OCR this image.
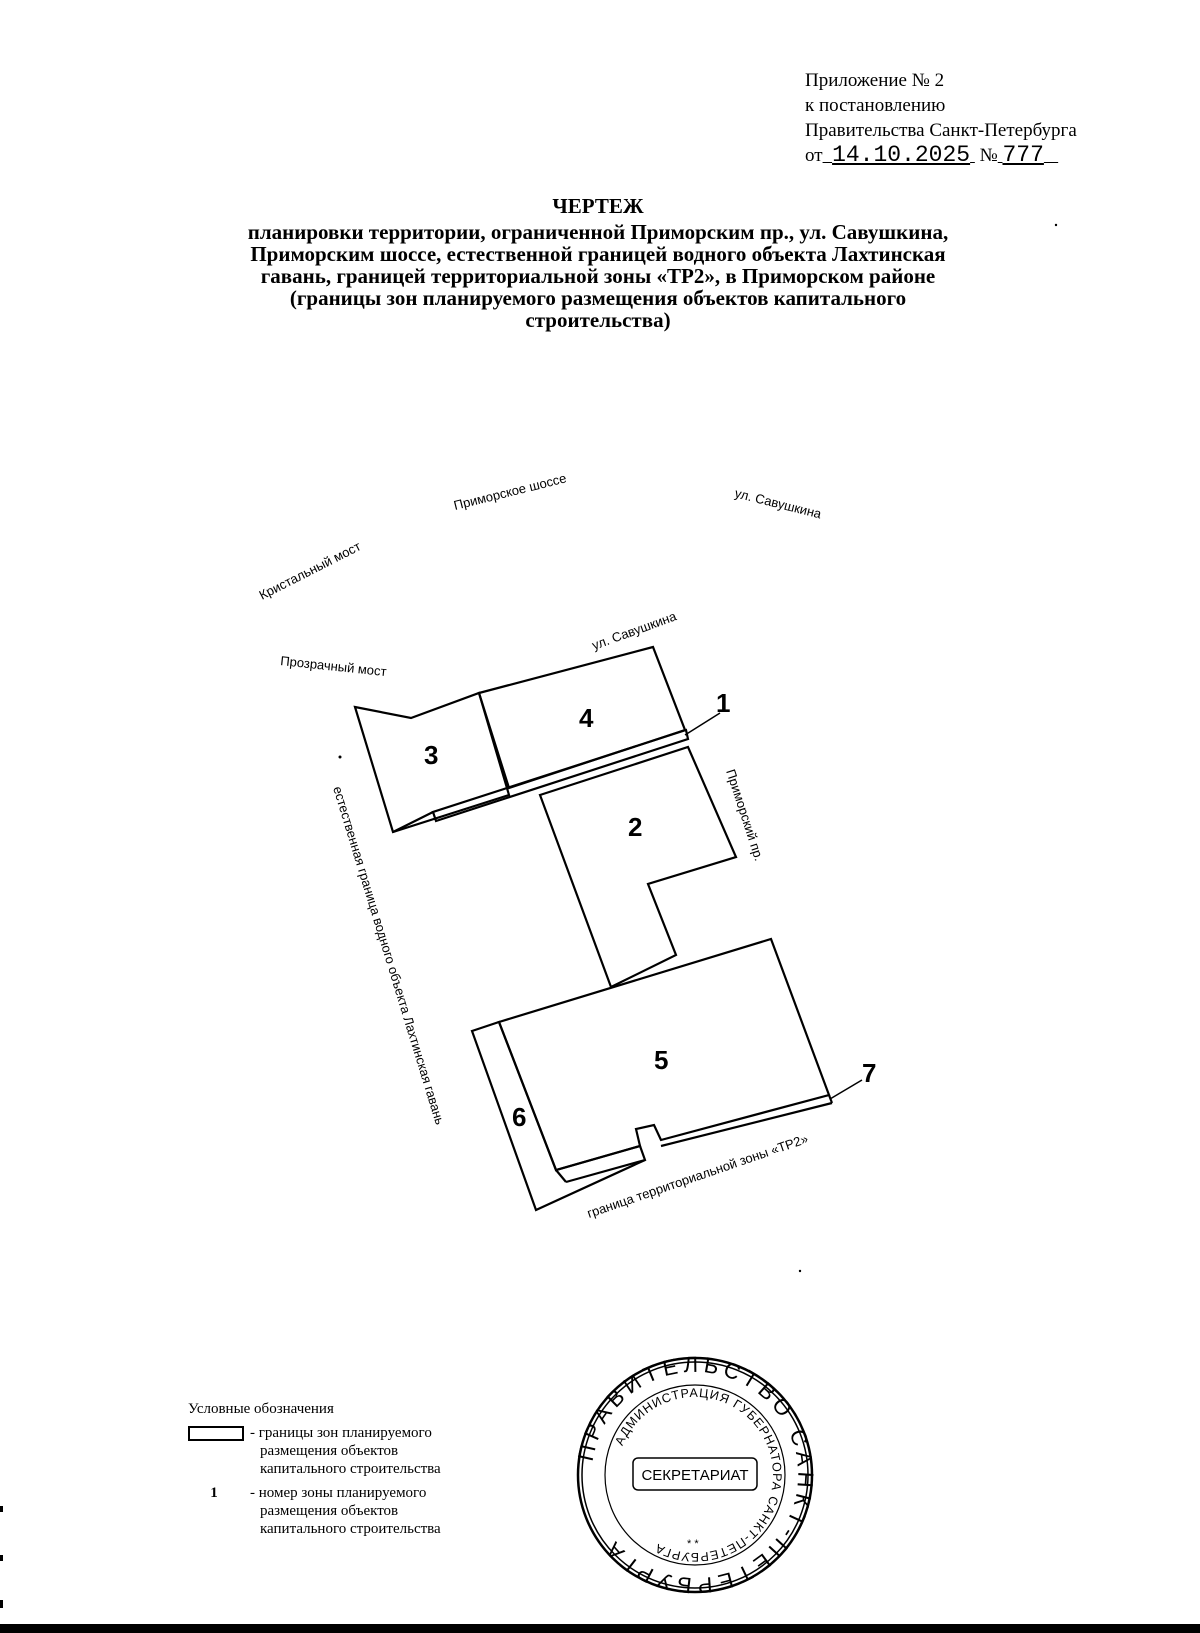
Приложение № 2
к постановлению
Правительства Санкт-Петербурга
от 14.10.2025 № 777
ЧЕРТЕЖ
планировки территории, ограниченной Приморским пр., ул. Савушкина,
Приморским шоссе, естественной границей водного объекта Лахтинская
гавань, границей территориальной зоны «ТР2», в Приморском районе
(границы зон планируемого размещения объектов капитального
строительства)
1
2
3
4
5
6
7
Приморское шоссе	ул. Савушкина
Кристальный мост
ул. Савушкина
Прозрачный мост
Приморский пр.
естественная граница водного объекта Лахтинская гавань
граница территориальной зоны «ТР2»
Условные обозначения
- границы зон планируемого
размещения объектов
капитального строительства
1	- номер зоны планируемого
размещения объектов
капитального строительства
ПРАВИТЕЛЬСТВО С КТ-ПЕТЕРБУРГА
АДМИНИСТРАЦИЯ ГУБЕРНАТОРА САНКТ-ПЕТЕРБУРГА
СЕКРЕТАРИАТ
* *
